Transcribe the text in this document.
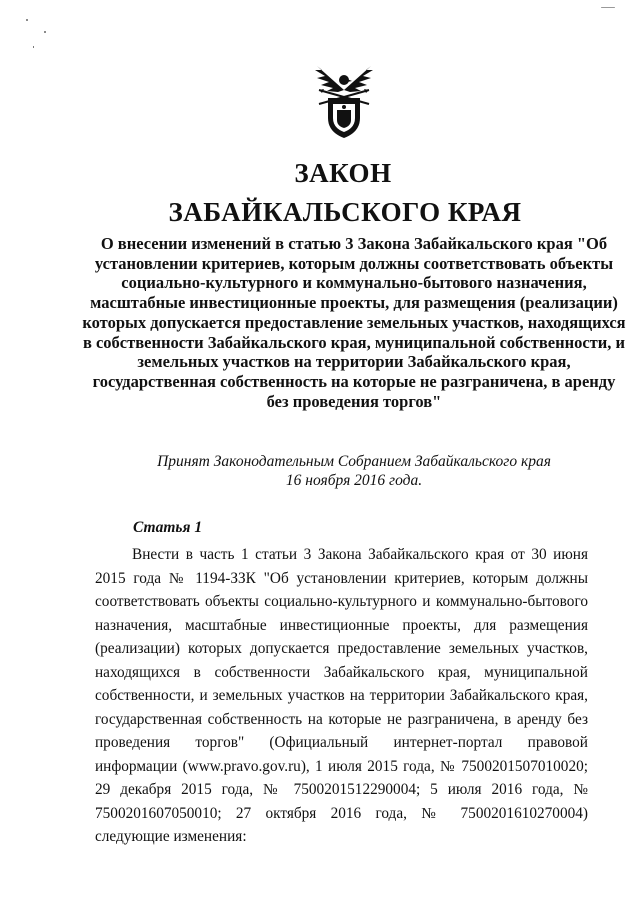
ЗАКОН
ЗАБАЙКАЛЬСКОГО КРАЯ
О внесении изменений в статью 3 Закона Забайкальского края "Об установлении критериев, которым должны соответствовать объекты социально-культурного и коммунально-бытового назначения, масштабные инвестиционные проекты, для размещения (реализации) которых допускается предоставление земельных участков, находящихся в собственности Забайкальского края, муниципальной собственности, и земельных участков на территории Забайкальского края, государственная собственность на которые не разграничена, в аренду без проведения торгов"
Принят Законодательным Собранием Забайкальского края
16 ноября 2016 года.
Статья 1
Внести в часть 1 статьи 3 Закона Забайкальского края от 30 июня 2015 года № 1194-ЗЗК "Об установлении критериев, которым должны соответствовать объекты социально-культурного и коммунально-бытового назначения, масштабные инвестиционные проекты, для размещения (реализации) которых допускается предоставление земельных участков, находящихся в собственности Забайкальского края, муниципальной собственности, и земельных участков на территории Забайкальского края, государственная собственность на которые не разграничена, в аренду без проведения торгов" (Официальный интернет-портал правовой информации (www.pravo.gov.ru), 1 июля 2015 года, № 7500201507010020; 29 декабря 2015 года, № 7500201512290004; 5 июля 2016 года, № 7500201607050010; 27 октября 2016 года, № 7500201610270004) следующие изменения:
